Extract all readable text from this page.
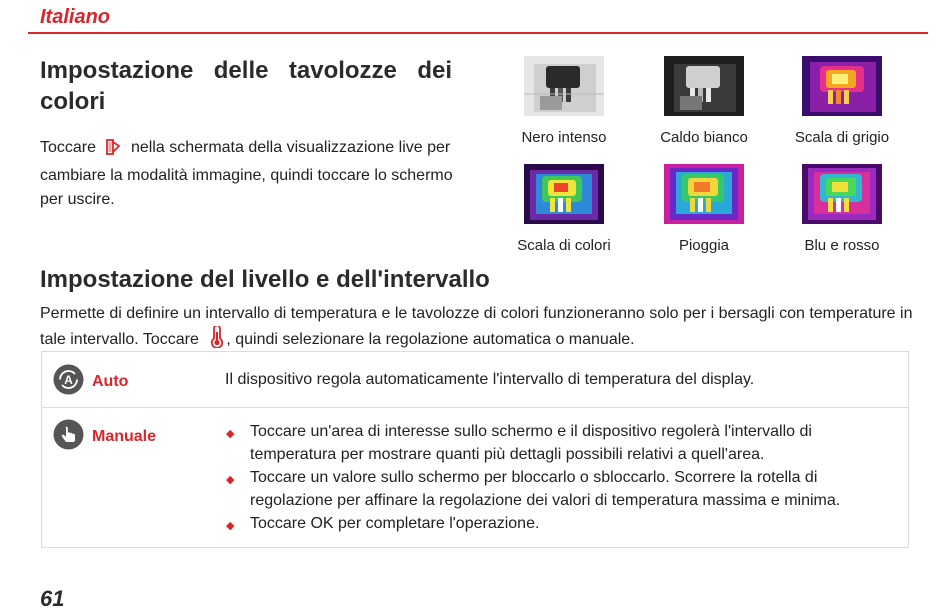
Italiano
Impostazione delle tavolozze dei colori
Toccare nella schermata della visualizzazione live per cambiare la modalità immagine, quindi toccare lo schermo per uscire.
Nero intenso	Caldo bianco	Scala di grigio
Scala di colori	Pioggia	Blu e rosso
Impostazione del livello e dell'intervallo
Permette di definire un intervallo di temperatura e le tavolozze di colori funzioneranno solo per i bersagli con temperature in tale intervallo. Toccare , quindi selezionare la regolazione automatica o manuale.
A Auto	Il dispositivo regola automaticamente l'intervallo di temperatura del display.
Manuale	◆ Toccare un'area di interesse sullo schermo e il dispositivo regolerà l'intervallo di temperatura per mostrare quanti più dettagli possibili relativi a quell'area.
◆ Toccare un valore sullo schermo per bloccarlo o sbloccarlo. Scorrere la rotella di regolazione per affinare la regolazione dei valori di temperatura massima e minima.
◆ Toccare OK per completare l'operazione.
61
